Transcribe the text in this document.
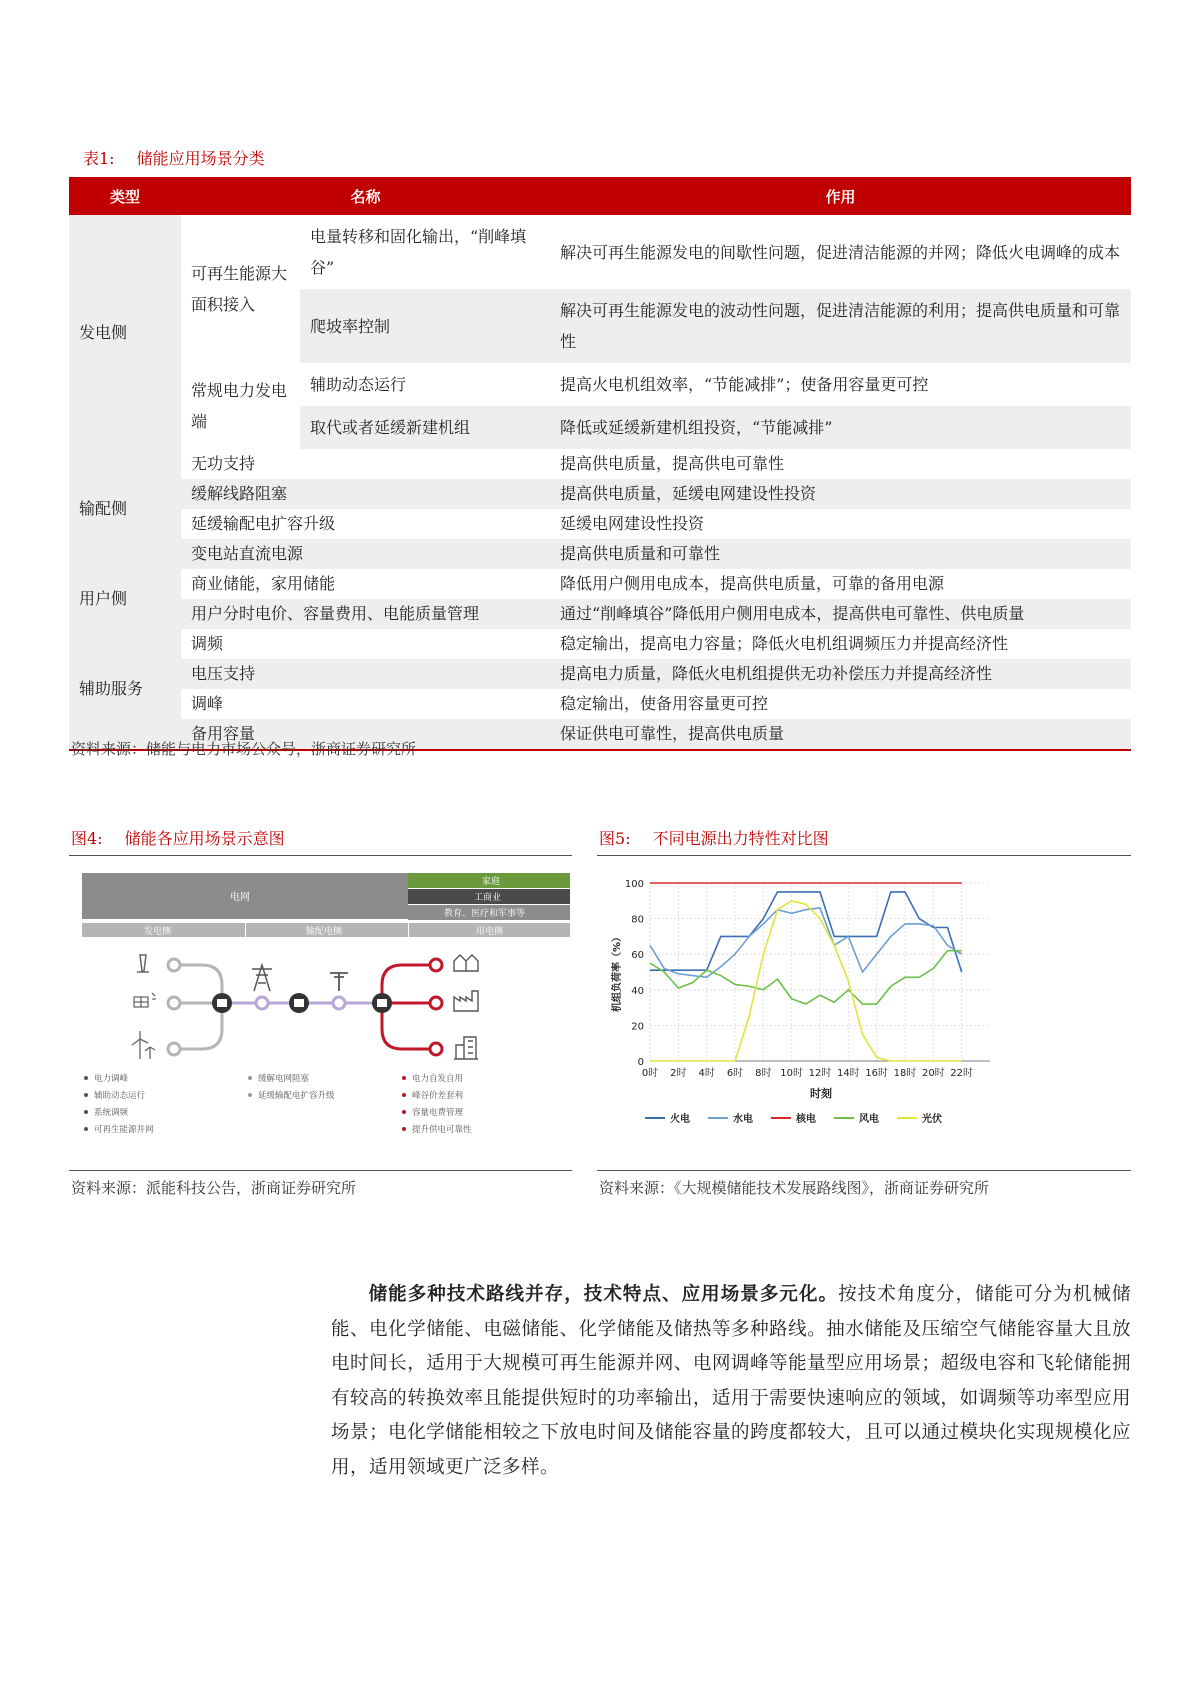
表1: 储能应用场景分类
类型	名称		作用
发电侧	可再生能源大面积接入	电量转移和固化输出，“削峰填谷”	解决可再生能源发电的间歇性问题，促进清洁能源的并网；降低火电调峰的成本
		爬坡率控制	解决可再生能源发电的波动性问题，促进清洁能源的利用；提高供电质量和可靠性
	常规电力发电端	辅助动态运行	提高火电机组效率，“节能减排”；使备用容量更可控
		取代或者延缓新建机组	降低或延缓新建机组投资，“节能减排”
输配侧	无功支持		提高供电质量，提高供电可靠性
	缓解线路阻塞		提高供电质量，延缓电网建设性投资
	延缓输配电扩容升级		延缓电网建设性投资
	变电站直流电源		提高供电质量和可靠性
用户侧	商业储能，家用储能		降低用户侧用电成本，提高供电质量，可靠的备用电源
	用户分时电价、容量费用、电能质量管理		通过“削峰填谷”降低用户侧用电成本，提高供电可靠性、供电质量
辅助服务	调频		稳定输出，提高电力容量；降低火电机组调频压力并提高经济性
	电压支持		提高电力质量，降低火电机组提供无功补偿压力并提高经济性
	调峰		稳定输出，使备用容量更可控
	备用容量		保证供电可靠性，提高供电质量
资料来源：储能与电力市场公众号，浙商证券研究所
图4: 储能各应用场景示意图	图5: 不同电源出力特性对比图
电网
家庭
工商业
教育、医疗和军事等
发电侧	输配电侧	用电侧
电力调峰
辅助动态运行
系统调频
可再生能源并网
缓解电网阻塞
延缓输配电扩容升级
电力自发自用
峰谷价差套利
容量电费管理
提升供电可靠性
0
20
40
60
80
100
0时 2时 4时 6时 8时 10时 12时 14时 16时 18时 20时 22时
机组负荷率（%）
时刻
火电	水电	核电	风电	光伏
资料来源：派能科技公告，浙商证券研究所	资料来源：《大规模储能技术发展路线图》，浙商证券研究所
储能多种技术路线并存，技术特点、应用场景多元化。按技术角度分，储能可分为机械储能、电化学储能、电磁储能、化学储能及储热等多种路线。抽水储能及压缩空气储能容量大且放电时间长，适用于大规模可再生能源并网、电网调峰等能量型应用场景；超级电容和飞轮储能拥有较高的转换效率且能提供短时的功率输出，适用于需要快速响应的领域，如调频等功率型应用场景；电化学储能相较之下放电时间及储能容量的跨度都较大，且可以通过模块化实现规模化应用，适用领域更广泛多样。
